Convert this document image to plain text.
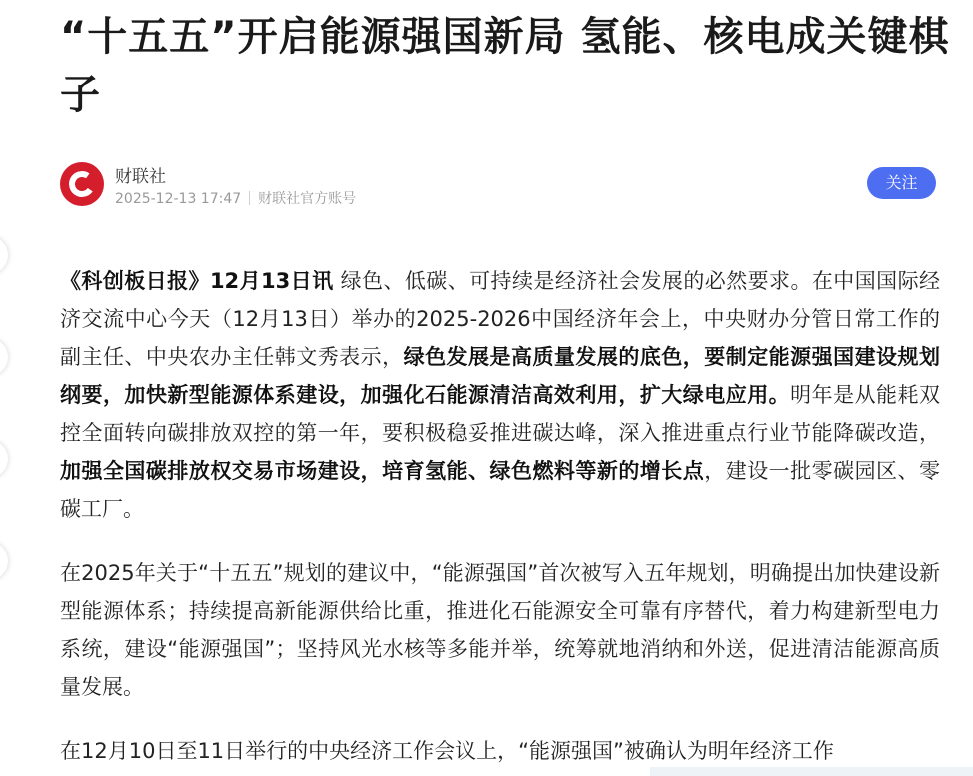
“十五五”开启能源强国新局 氢能、核电成关键棋子
财联社
2025-12-13 17:47 财联社官方账号
关注

《科创板日报》12月13日讯 绿色、低碳、可持续是经济社会发展的必然要求。在中国国际经济交流中心今天（12月13日）举办的2025-2026中国经济年会上，中央财办分管日常工作的副主任、中央农办主任韩文秀表示，绿色发展是高质量发展的底色，要制定能源强国建设规划纲要，加快新型能源体系建设，加强化石能源清洁高效利用，扩大绿电应用。明年是从能耗双控全面转向碳排放双控的第一年，要积极稳妥推进碳达峰，深入推进重点行业节能降碳改造，加强全国碳排放权交易市场建设，培育氢能、绿色燃料等新的增长点，建设一批零碳园区、零碳工厂。

在2025年关于“十五五”规划的建议中，“能源强国”首次被写入五年规划，明确提出加快建设新型能源体系；持续提高新能源供给比重，推进化石能源安全可靠有序替代，着力构建新型电力系统，建设“能源强国”；坚持风光水核等多能并举，统筹就地消纳和外送，促进清洁能源高质量发展。

在12月10日至11日举行的中央经济工作会议上，“能源强国”被确认为明年经济工作
